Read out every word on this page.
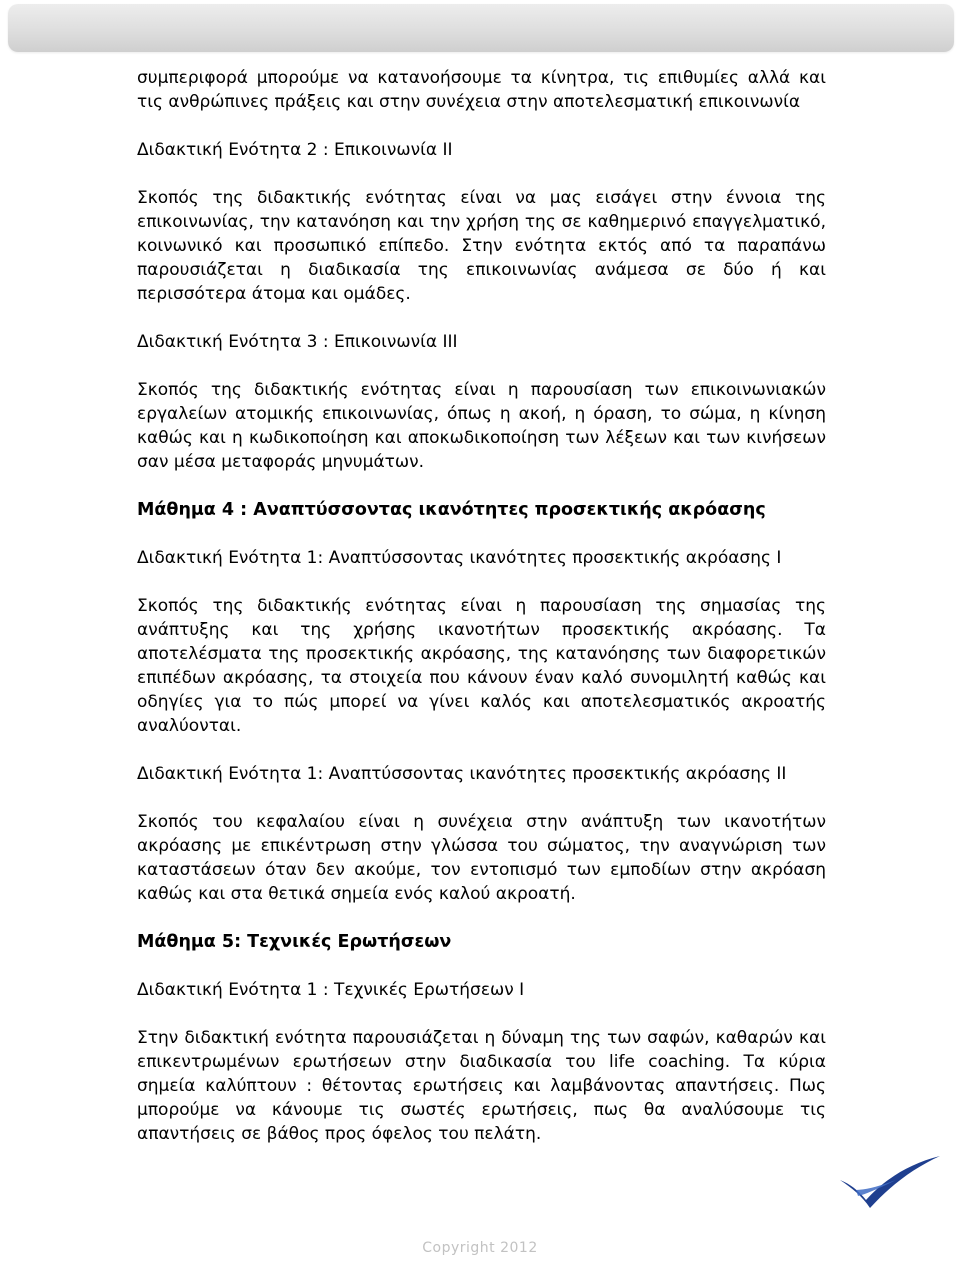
συμπεριφορά μπορούμε να κατανοήσουμε τα κίνητρα, τις επιθυμίες αλλά και τις ανθρώπινες πράξεις και στην συνέχεια στην αποτελεσματική επικοινωνία

Διδακτική Ενότητα 2 : Επικοινωνία ΙΙ

Σκοπός της διδακτικής ενότητας είναι να μας εισάγει στην έννοια της επικοινωνίας, την κατανόηση και την χρήση της σε καθημερινό επαγγελματικό, κοινωνικό και προσωπικό επίπεδο. Στην ενότητα εκτός από τα παραπάνω παρουσιάζεται η διαδικασία της επικοινωνίας ανάμεσα σε δύο ή και περισσότερα άτομα και ομάδες.

Διδακτική Ενότητα 3 : Επικοινωνία ΙΙΙ

Σκοπός της διδακτικής ενότητας είναι η παρουσίαση των επικοινωνιακών εργαλείων ατομικής επικοινωνίας, όπως η ακοή, η όραση, το σώμα, η κίνηση καθώς και η κωδικοποίηση και αποκωδικοποίηση των λέξεων και των κινήσεων σαν μέσα μεταφοράς μηνυμάτων.

Μάθημα 4 : Αναπτύσσοντας ικανότητες προσεκτικής ακρόασης

Διδακτική Ενότητα 1: Αναπτύσσοντας ικανότητες προσεκτικής ακρόασης Ι

Σκοπός της διδακτικής ενότητας είναι η παρουσίαση της σημασίας της ανάπτυξης και της χρήσης ικανοτήτων προσεκτικής ακρόασης. Τα αποτελέσματα της προσεκτικής ακρόασης, της κατανόησης των διαφορετικών επιπέδων ακρόασης, τα στοιχεία που κάνουν έναν καλό συνομιλητή καθώς και οδηγίες για το πώς μπορεί να γίνει καλός και αποτελεσματικός ακροατής αναλύονται.

Διδακτική Ενότητα 1: Αναπτύσσοντας ικανότητες προσεκτικής ακρόασης ΙΙ

Σκοπός του κεφαλαίου είναι η συνέχεια στην ανάπτυξη των ικανοτήτων ακρόασης με επικέντρωση στην γλώσσα του σώματος, την αναγνώριση των καταστάσεων όταν δεν ακούμε, τον εντοπισμό των εμποδίων στην ακρόαση καθώς και στα θετικά σημεία ενός καλού ακροατή.

Μάθημα 5: Τεχνικές Ερωτήσεων

Διδακτική Ενότητα 1 : Τεχνικές Ερωτήσεων Ι

Στην διδακτική ενότητα παρουσιάζεται η δύναμη της των σαφών, καθαρών και επικεντρωμένων ερωτήσεων στην διαδικασία του life coaching. Τα κύρια σημεία καλύπτουν : θέτοντας ερωτήσεις και λαμβάνοντας απαντήσεις. Πως μπορούμε να κάνουμε τις σωστές ερωτήσεις, πως θα αναλύσουμε τις απαντήσεις σε βάθος προς όφελος του πελάτη.

Copyright 2012
